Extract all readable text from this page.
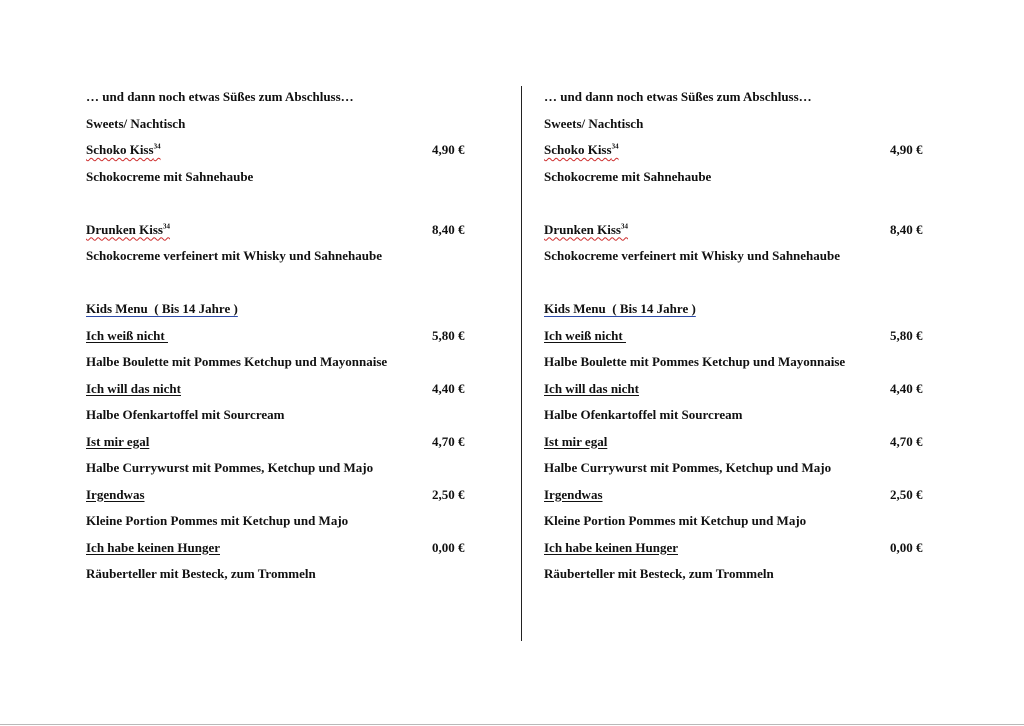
… und dann noch etwas Süßes zum Abschluss…
Sweets/ Nachtisch
Schoko Kiss$^{34}$	4,90 €
Schokocreme mit Sahnehaube
Drunken Kiss$^{34}$	8,40 €
Schokocreme verfeinert mit Whisky und Sahnehaube
Kids Menu  ( Bis 14 Jahre )
Ich weiß nicht	5,80 €
Halbe Boulette mit Pommes Ketchup und Mayonnaise
Ich will das nicht	4,40 €
Halbe Ofenkartoffel mit Sourcream
Ist mir egal	4,70 €
Halbe Currywurst mit Pommes, Ketchup und Majo
Irgendwas	2,50 €
Kleine Portion Pommes mit Ketchup und Majo
Ich habe keinen Hunger	0,00 €
Räuberteller mit Besteck, zum Trommeln
… und dann noch etwas Süßes zum Abschluss…
Sweets/ Nachtisch
Schoko Kiss$^{34}$	4,90 €
Schokocreme mit Sahnehaube
Drunken Kiss$^{34}$	8,40 €
Schokocreme verfeinert mit Whisky und Sahnehaube
Kids Menu  ( Bis 14 Jahre )
Ich weiß nicht	5,80 €
Halbe Boulette mit Pommes Ketchup und Mayonnaise
Ich will das nicht	4,40 €
Halbe Ofenkartoffel mit Sourcream
Ist mir egal	4,70 €
Halbe Currywurst mit Pommes, Ketchup und Majo
Irgendwas	2,50 €
Kleine Portion Pommes mit Ketchup und Majo
Ich habe keinen Hunger	0,00 €
Räuberteller mit Besteck, zum Trommeln
